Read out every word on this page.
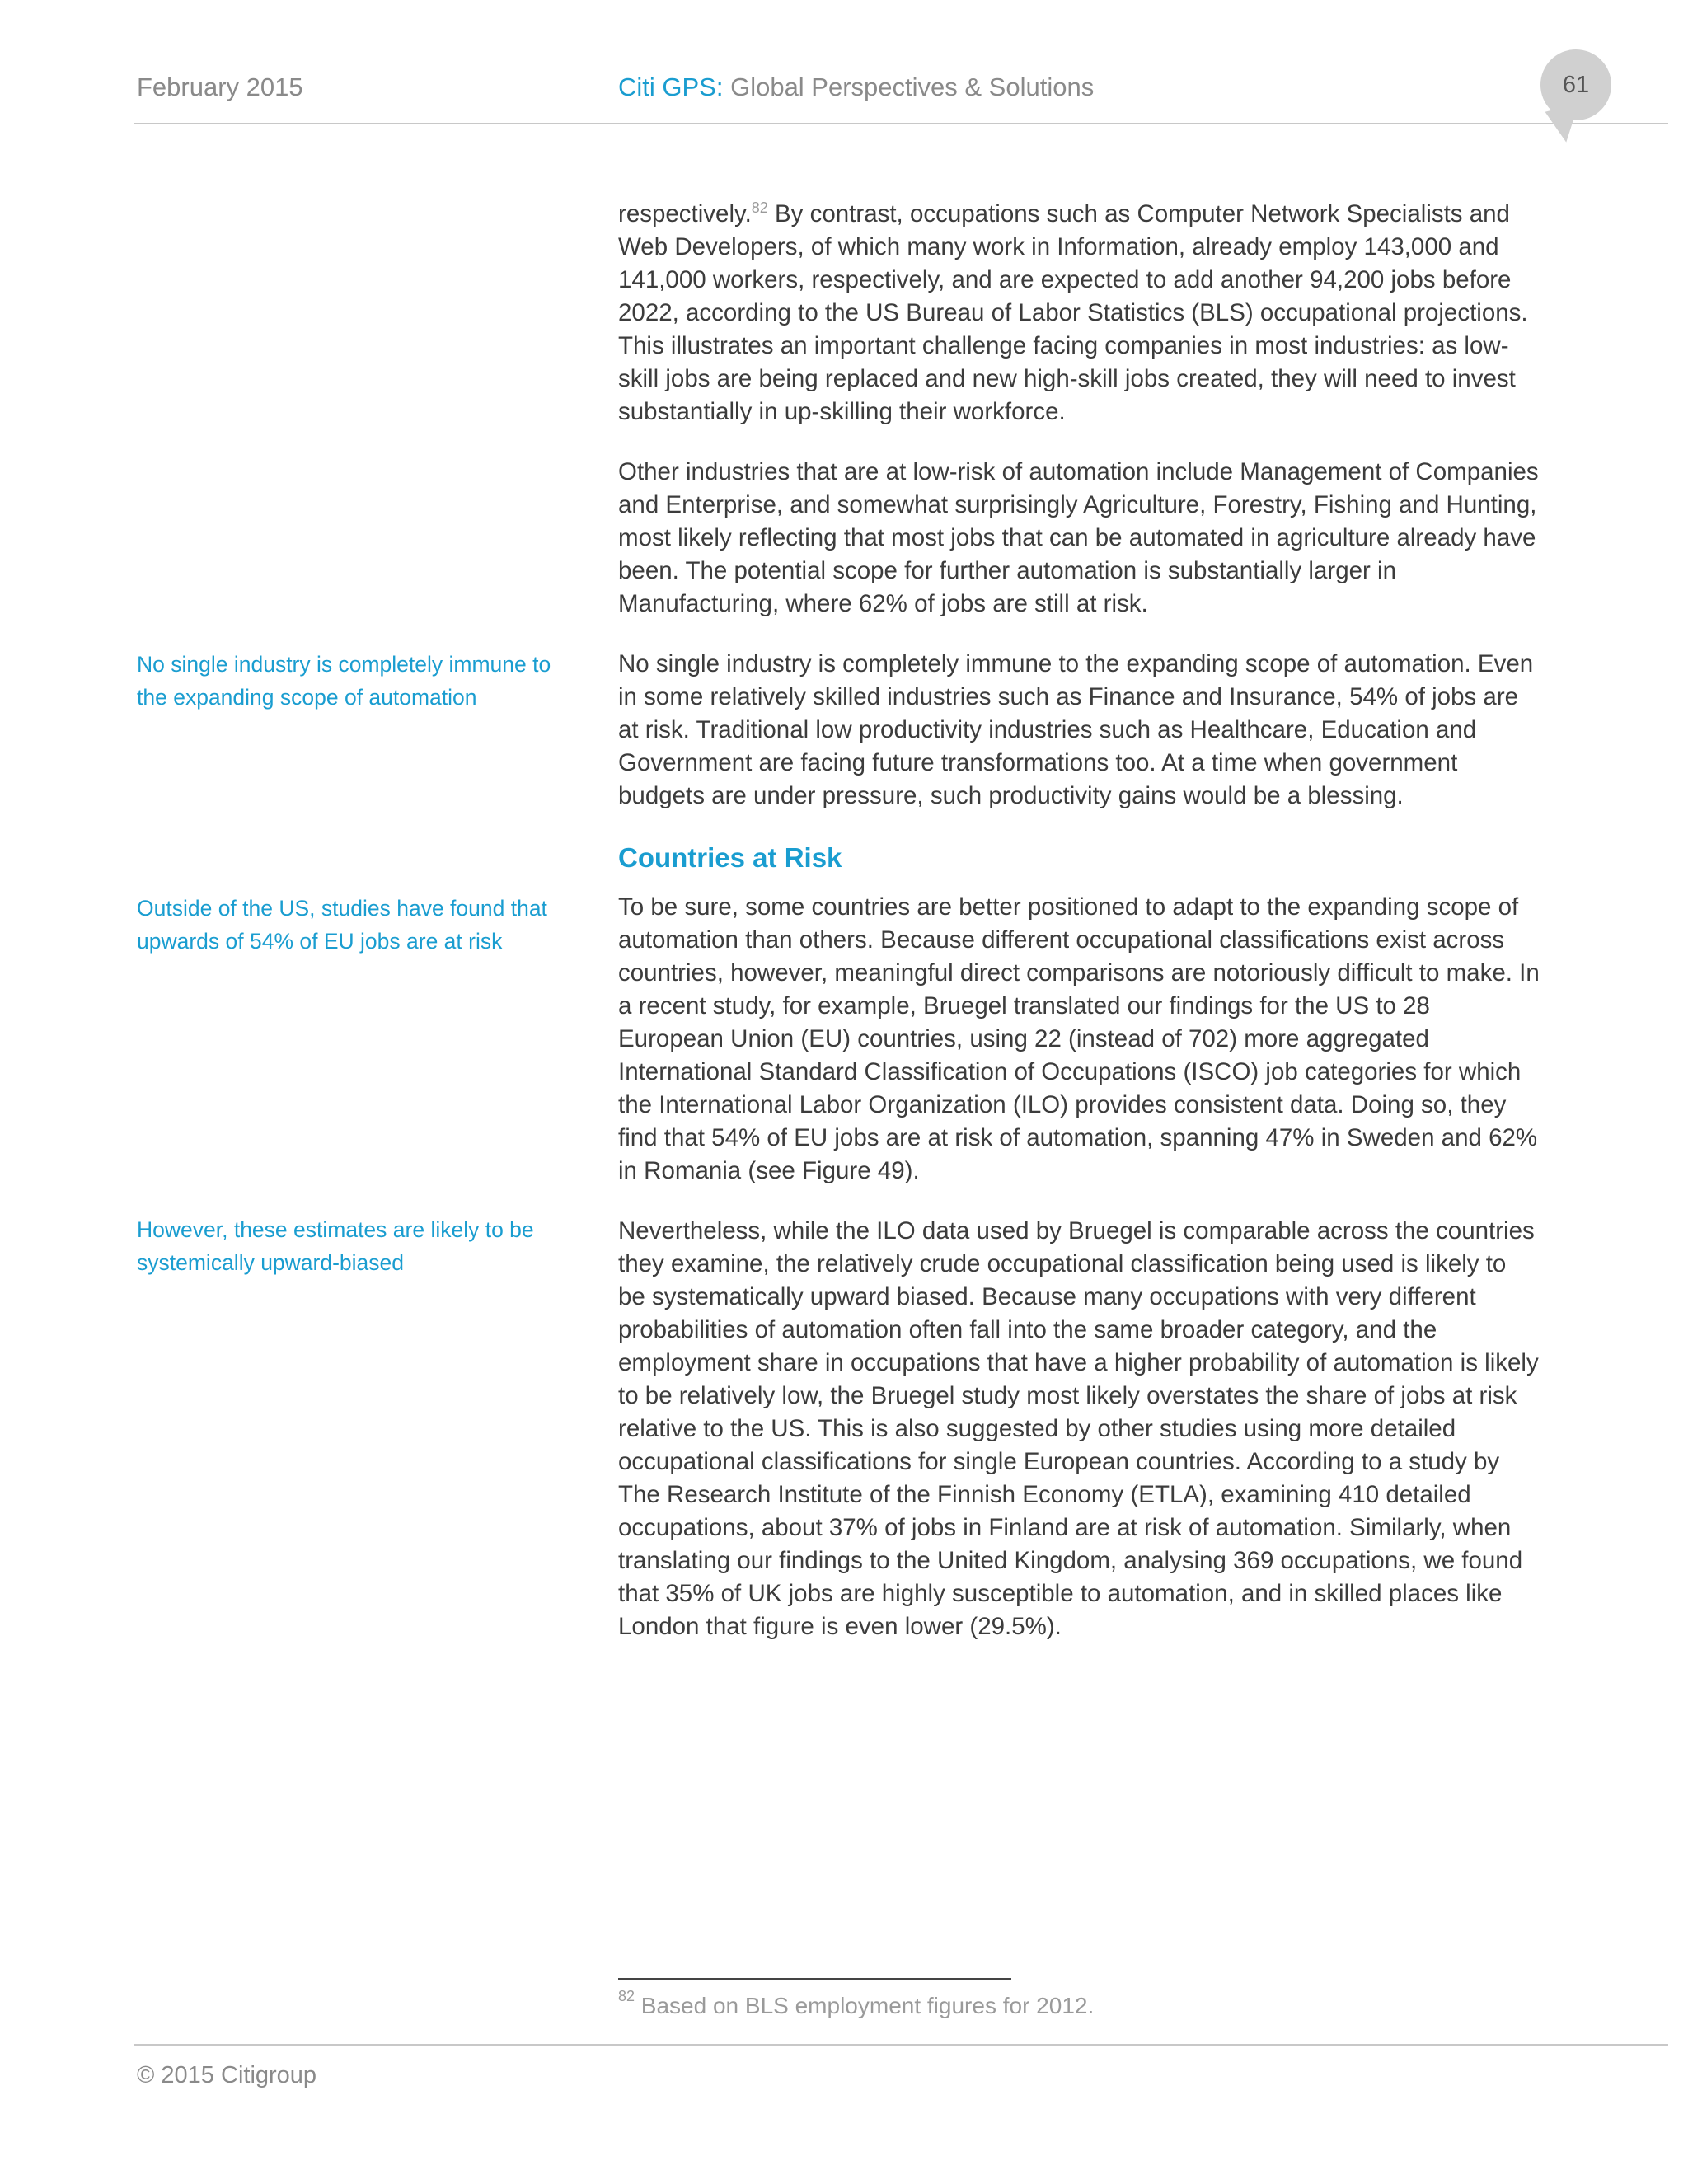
February 2015	Citi GPS: Global Perspectives & Solutions	61
No single industry is completely immune to the expanding scope of automation
Outside of the US, studies have found that upwards of 54% of EU jobs are at risk
However, these estimates are likely to be systemically upward-biased

respectively.$^{82}$ By contrast, occupations such as Computer Network Specialists and Web Developers, of which many work in Information, already employ 143,000 and 141,000 workers, respectively, and are expected to add another 94,200 jobs before 2022, according to the US Bureau of Labor Statistics (BLS) occupational projections. This illustrates an important challenge facing companies in most industries: as low-skill jobs are being replaced and new high-skill jobs created, they will need to invest substantially in up-skilling their workforce.

Other industries that are at low-risk of automation include Management of Companies and Enterprise, and somewhat surprisingly Agriculture, Forestry, Fishing and Hunting, most likely reflecting that most jobs that can be automated in agriculture already have been. The potential scope for further automation is substantially larger in Manufacturing, where 62% of jobs are still at risk.

No single industry is completely immune to the expanding scope of automation. Even in some relatively skilled industries such as Finance and Insurance, 54% of jobs are at risk. Traditional low productivity industries such as Healthcare, Education and Government are facing future transformations too. At a time when government budgets are under pressure, such productivity gains would be a blessing.

Countries at Risk

To be sure, some countries are better positioned to adapt to the expanding scope of automation than others. Because different occupational classifications exist across countries, however, meaningful direct comparisons are notoriously difficult to make. In a recent study, for example, Bruegel translated our findings for the US to 28 European Union (EU) countries, using 22 (instead of 702) more aggregated International Standard Classification of Occupations (ISCO) job categories for which the International Labor Organization (ILO) provides consistent data. Doing so, they find that 54% of EU jobs are at risk of automation, spanning 47% in Sweden and 62% in Romania (see Figure 49).

Nevertheless, while the ILO data used by Bruegel is comparable across the countries they examine, the relatively crude occupational classification being used is likely to be systematically upward biased. Because many occupations with very different probabilities of automation often fall into the same broader category, and the employment share in occupations that have a higher probability of automation is likely to be relatively low, the Bruegel study most likely overstates the share of jobs at risk relative to the US. This is also suggested by other studies using more detailed occupational classifications for single European countries. According to a study by The Research Institute of the Finnish Economy (ETLA), examining 410 detailed occupations, about 37% of jobs in Finland are at risk of automation. Similarly, when translating our findings to the United Kingdom, analysing 369 occupations, we found that 35% of UK jobs are highly susceptible to automation, and in skilled places like London that figure is even lower (29.5%).

$^{82}$ Based on BLS employment figures for 2012.
© 2015 Citigroup
